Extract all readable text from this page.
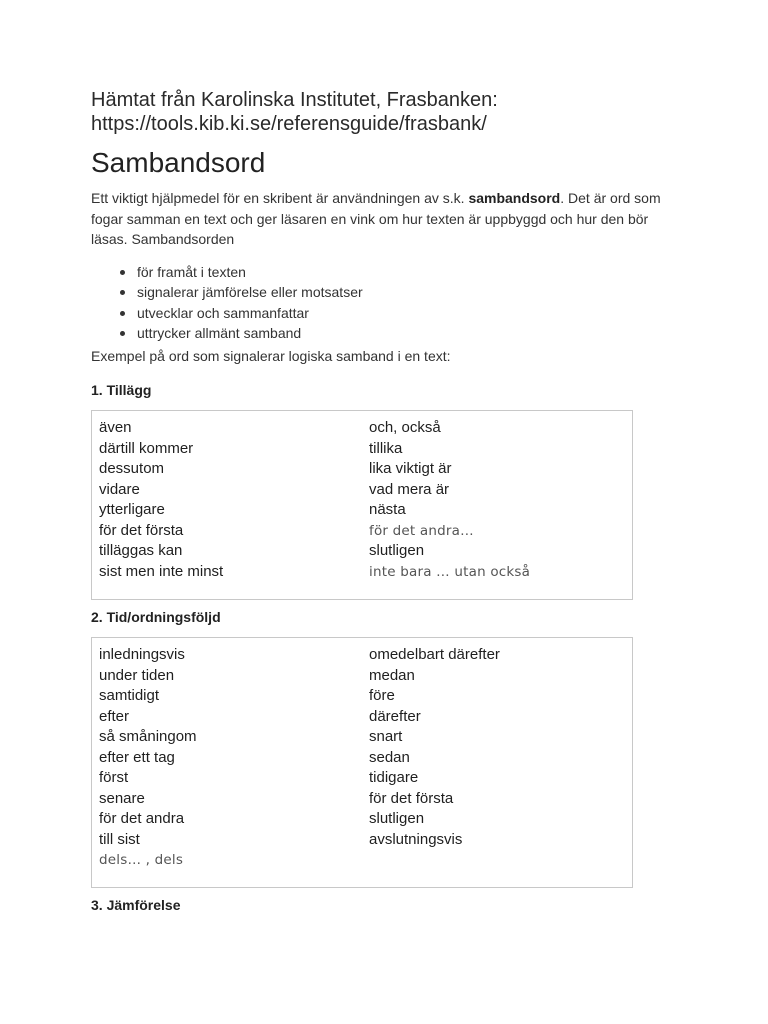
Hämtat från Karolinska Institutet, Frasbanken:
https://tools.kib.ki.se/referensguide/frasbank/

Sambandsord

Ett viktigt hjälpmedel för en skribent är användningen av s.k. sambandsord. Det är ord som fogar samman en text och ger läsaren en vink om hur texten är uppbyggd och hur den bör läsas. Sambandsorden

för framåt i texten
signalerar jämförelse eller motsatser
utvecklar och sammanfattar
uttrycker allmänt samband

Exempel på ord som signalerar logiska samband i en text:

1. Tillägg
även
därtill kommer
dessutom
vidare
ytterligare
för det första
tilläggas kan
sist men inte minst
och, också
tillika
lika viktigt är
vad mera är
nästa
för det andra…
slutligen
inte bara … utan också
2. Tid/ordningsföljd
inledningsvis
under tiden
samtidigt
efter
så småningom
efter ett tag
först
senare
för det andra
till sist
dels… , dels
omedelbart därefter
medan
före
därefter
snart
sedan
tidigare
för det första
slutligen
avslutningsvis
3. Jämförelse
